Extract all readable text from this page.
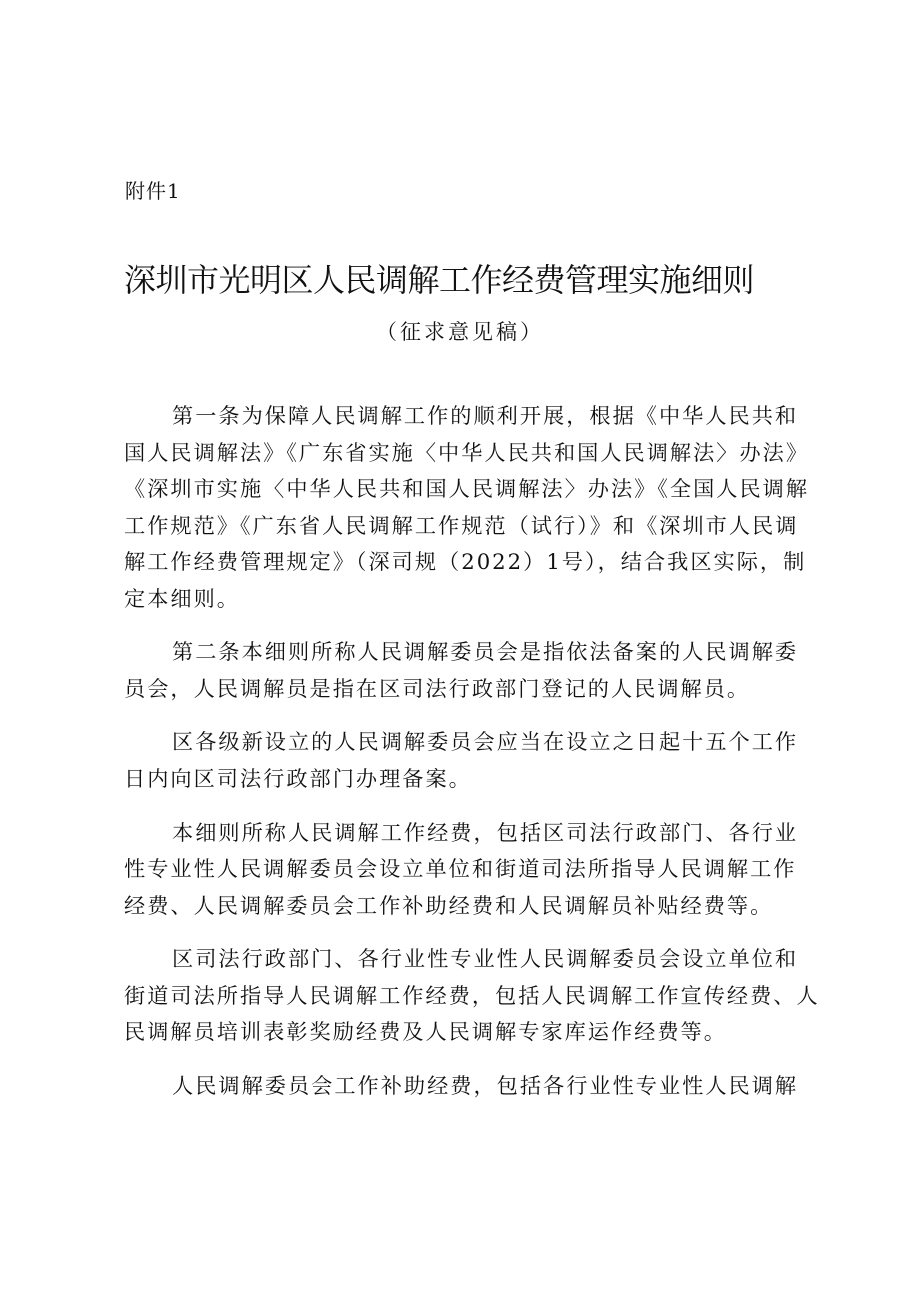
附件1
深圳市光明区人民调解工作经费管理实施细则
（征求意见稿）
第一条为保障人民调解工作的顺利开展，根据《中华人民共和
国人民调解法》《广东省实施〈中华人民共和国人民调解法〉办法》
《深圳市实施〈中华人民共和国人民调解法〉办法》《全国人民调解
工作规范》《广东省人民调解工作规范（试行）》和《深圳市人民调
解工作经费管理规定》（深司规（2022）1号），结合我区实际，制
定本细则。
第二条本细则所称人民调解委员会是指依法备案的人民调解委
员会，人民调解员是指在区司法行政部门登记的人民调解员。
区各级新设立的人民调解委员会应当在设立之日起十五个工作
日内向区司法行政部门办理备案。
本细则所称人民调解工作经费，包括区司法行政部门、各行业
性专业性人民调解委员会设立单位和街道司法所指导人民调解工作
经费、人民调解委员会工作补助经费和人民调解员补贴经费等。
区司法行政部门、各行业性专业性人民调解委员会设立单位和
街道司法所指导人民调解工作经费，包括人民调解工作宣传经费、人
民调解员培训表彰奖励经费及人民调解专家库运作经费等。
人民调解委员会工作补助经费，包括各行业性专业性人民调解
